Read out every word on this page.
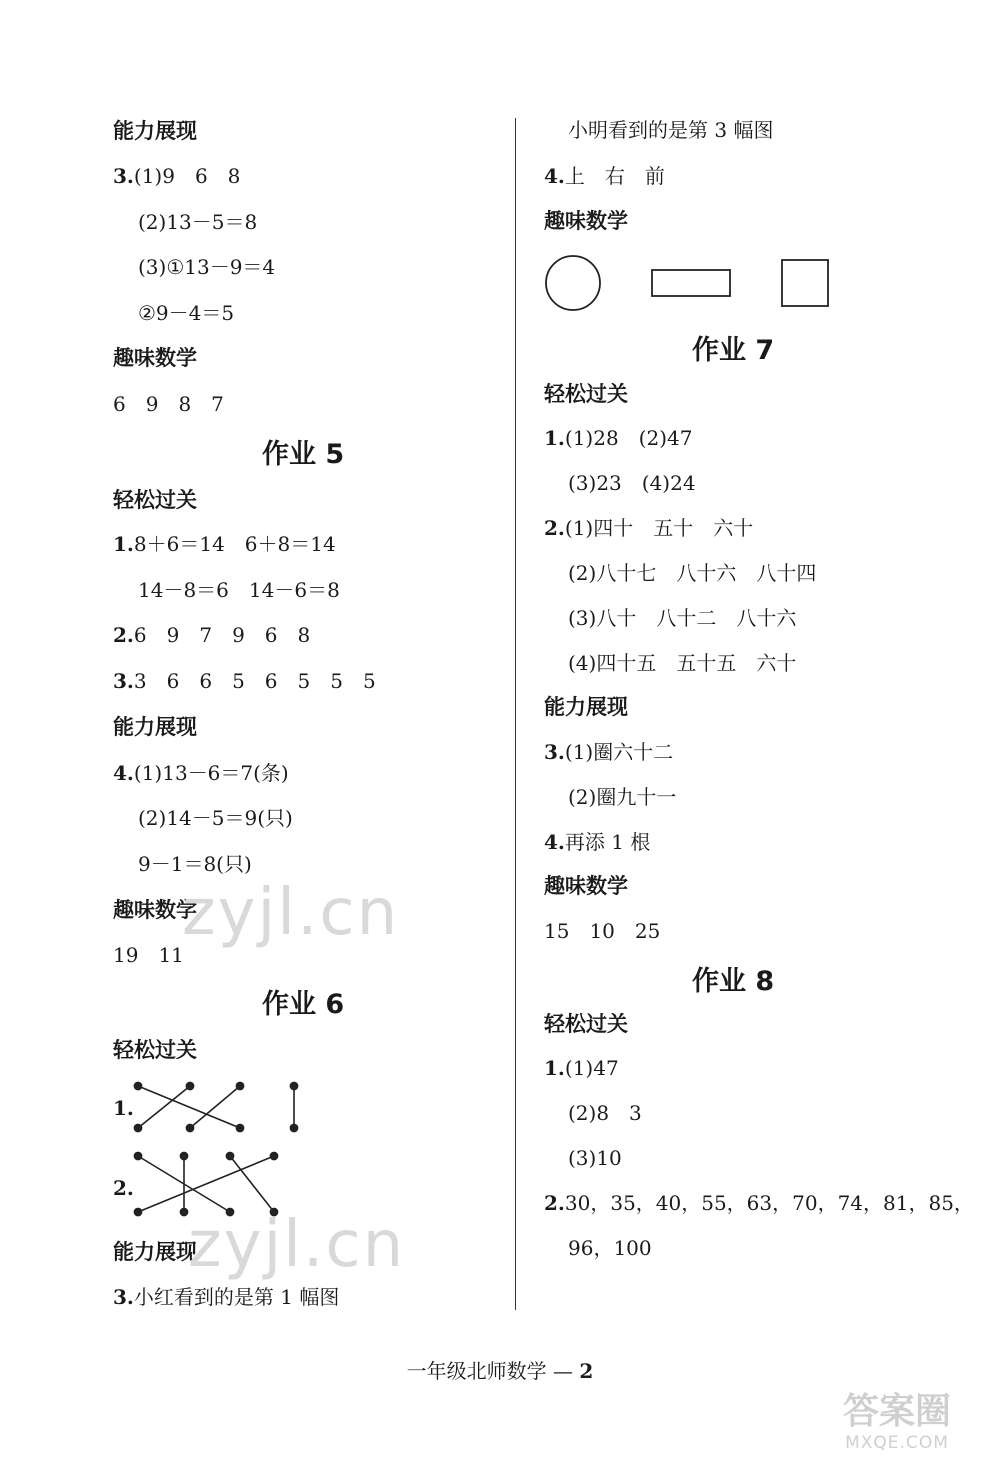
能力展现
3.(1)9　6　8
(2)13－5＝8
(3)①13－9＝4
②9－4＝5
趣味数学
6　9　8　7
作业 5
轻松过关
1.8＋6＝14　6＋8＝14
14－8＝6　14－6＝8
2.6　9　7　9　6　8
3.3　6　6　5　6　5　5　5
能力展现
4.(1)13－6＝7(条)
(2)14－5＝9(只)
9－1＝8(只)
趣味数学
19　11
作业 6
轻松过关
1.
2.
能力展现
3.小红看到的是第 1 幅图
小明看到的是第 3 幅图
4.上　右　前
趣味数学
作业 7
轻松过关
1.(1)28　(2)47
(3)23　(4)24
2.(1)四十　五十　六十
(2)八十七　八十六　八十四
(3)八十　八十二　八十六
(4)四十五　五十五　六十
能力展现
3.(1)圈六十二
(2)圈九十一
4.再添 1 根
趣味数学
15　10　25
作业 8
轻松过关
1.(1)47
(2)8　3
(3)10
2.30，35，40，55，63，70，74，81，85，
96，100
zyjl.cn
zyjl.cn
一年级北师数学 — 2
答案圈
MXQE.COM
